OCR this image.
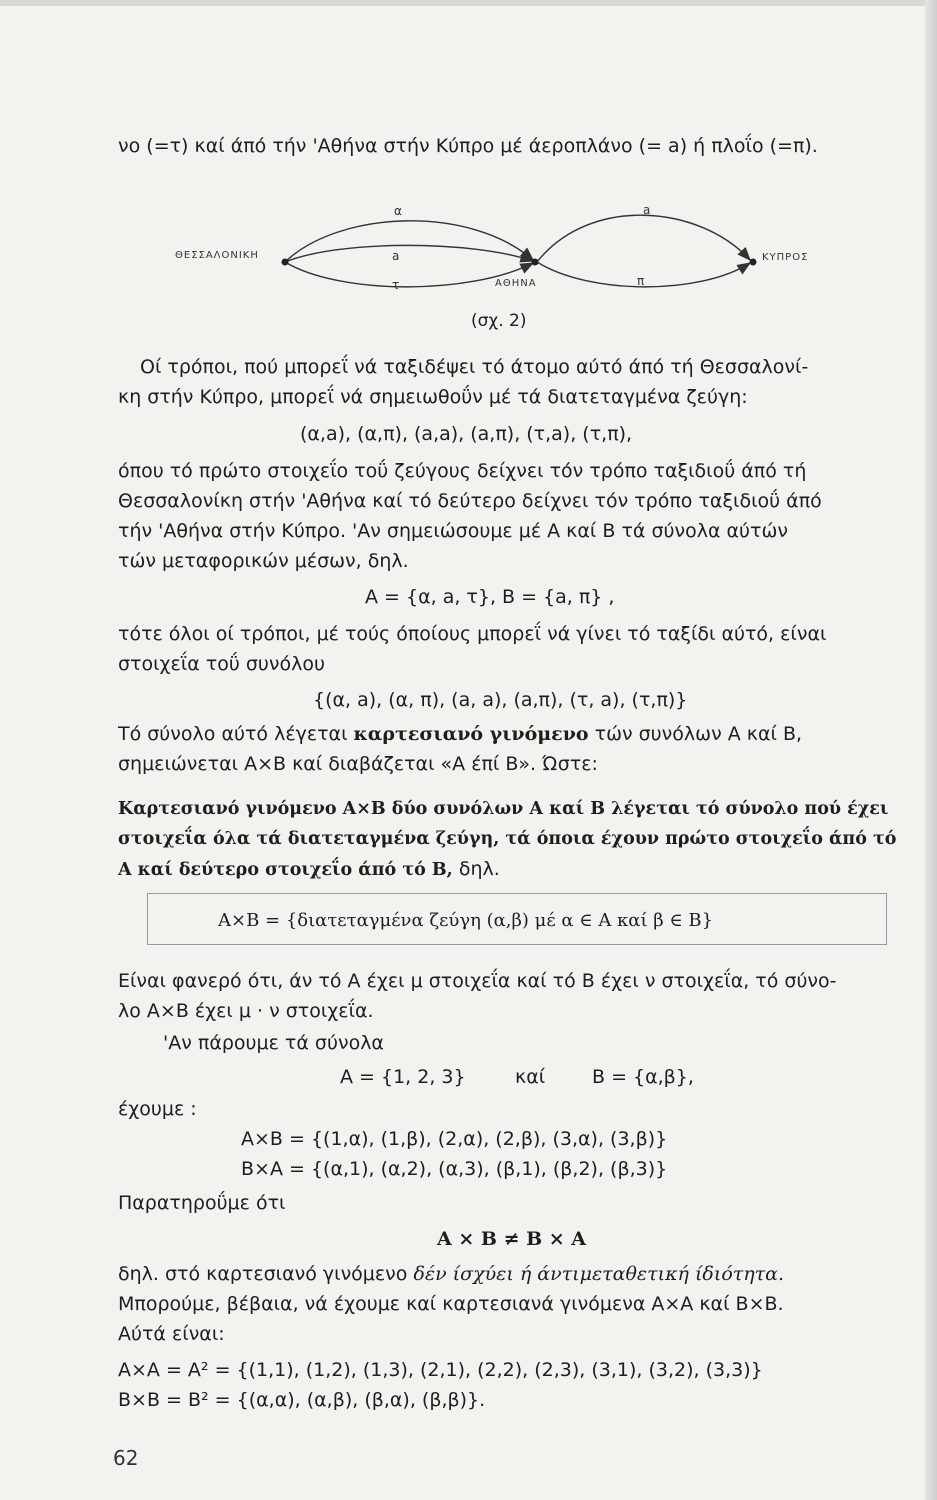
νο (=τ) καί άπό τήν 'Αθήνα στήν Κύπρο μέ άεροπλάνο (= a) ή πλοΐο (=π).
ΘΕΣΣΑΛΟΝΙΚΗ
ΑΘΗΝΑ
ΚΥΠΡΟΣ
α
a
τ
a
π
(σχ. 2)
Οί τρόποι, πού μπορεΐ νά ταξιδέψει τό άτομο αύτό άπό τή Θεσσαλονί-
κη στήν Κύπρο, μπορεΐ νά σημειωθοΰν μέ τά διατεταγμένα ζεύγη:
(α,a), (α,π), (a,a), (a,π), (τ,a), (τ,π),
όπου τό πρώτο στοιχεΐο τοΰ ζεύγους δείχνει τόν τρόπο ταξιδιοΰ άπό τή
Θεσσαλονίκη στήν 'Αθήνα καί τό δεύτερο δείχνει τόν τρόπο ταξιδιοΰ άπό
τήν 'Αθήνα στήν Κύπρο. 'Αν σημειώσουμε μέ Α καί Β τά σύνολα αύτών
τών μεταφορικών μέσων, δηλ.
Α = {α, a, τ}, Β = {a, π} ,
τότε όλοι οί τρόποι, μέ τούς όποίους μπορεΐ νά γίνει τό ταξίδι αύτό, είναι
στοιχεΐα τοΰ συνόλου
{(α, a), (α, π), (a, a), (a,π), (τ, a), (τ,π)}
Τό σύνολο αύτό λέγεται καρτεσιανό γινόμενο τών συνόλων Α καί Β,
σημειώνεται Α×Β καί διαβάζεται «Α έπί Β». Ώστε:
Καρτεσιανό γινόμενο Α×Β δύο συνόλων Α καί Β λέγεται τό σύνολο πού έχει
στοιχεΐα όλα τά διατεταγμένα ζεύγη, τά όποια έχουν πρώτο στοιχεΐο άπό τό
Α καί δεύτερο στοιχεΐο άπό τό Β, δηλ.
Α×Β = {διατεταγμένα ζεύγη (α,β) μέ α ∈ Α καί β ∈ Β}
Είναι φανερό ότι, άν τό Α έχει μ στοιχεΐα καί τό Β έχει ν στοιχεΐα, τό σύνο-
λο Α×Β έχει μ · ν στοιχεΐα.
'Αν πάρουμε τά σύνολα
Α = {1, 2, 3}	καί Β = {α,β},
έχουμε :
Α×Β = {(1,α), (1,β), (2,α), (2,β), (3,α), (3,β)}
Β×Α = {(α,1), (α,2), (α,3), (β,1), (β,2), (β,3)}
Παρατηροΰμε ότι
Α × Β ≠ Β × Α
δηλ. στό καρτεσιανό γινόμενο δέν ίσχύει ή άντιμεταθετική ίδιότητα.
Μπορούμε, βέβαια, νά έχουμε καί καρτεσιανά γινόμενα Α×Α καί Β×Β.
Αύτά είναι:
Α×Α = Α² = {(1,1), (1,2), (1,3), (2,1), (2,2), (2,3), (3,1), (3,2), (3,3)}
Β×Β = Β² = {(α,α), (α,β), (β,α), (β,β)}.
62
